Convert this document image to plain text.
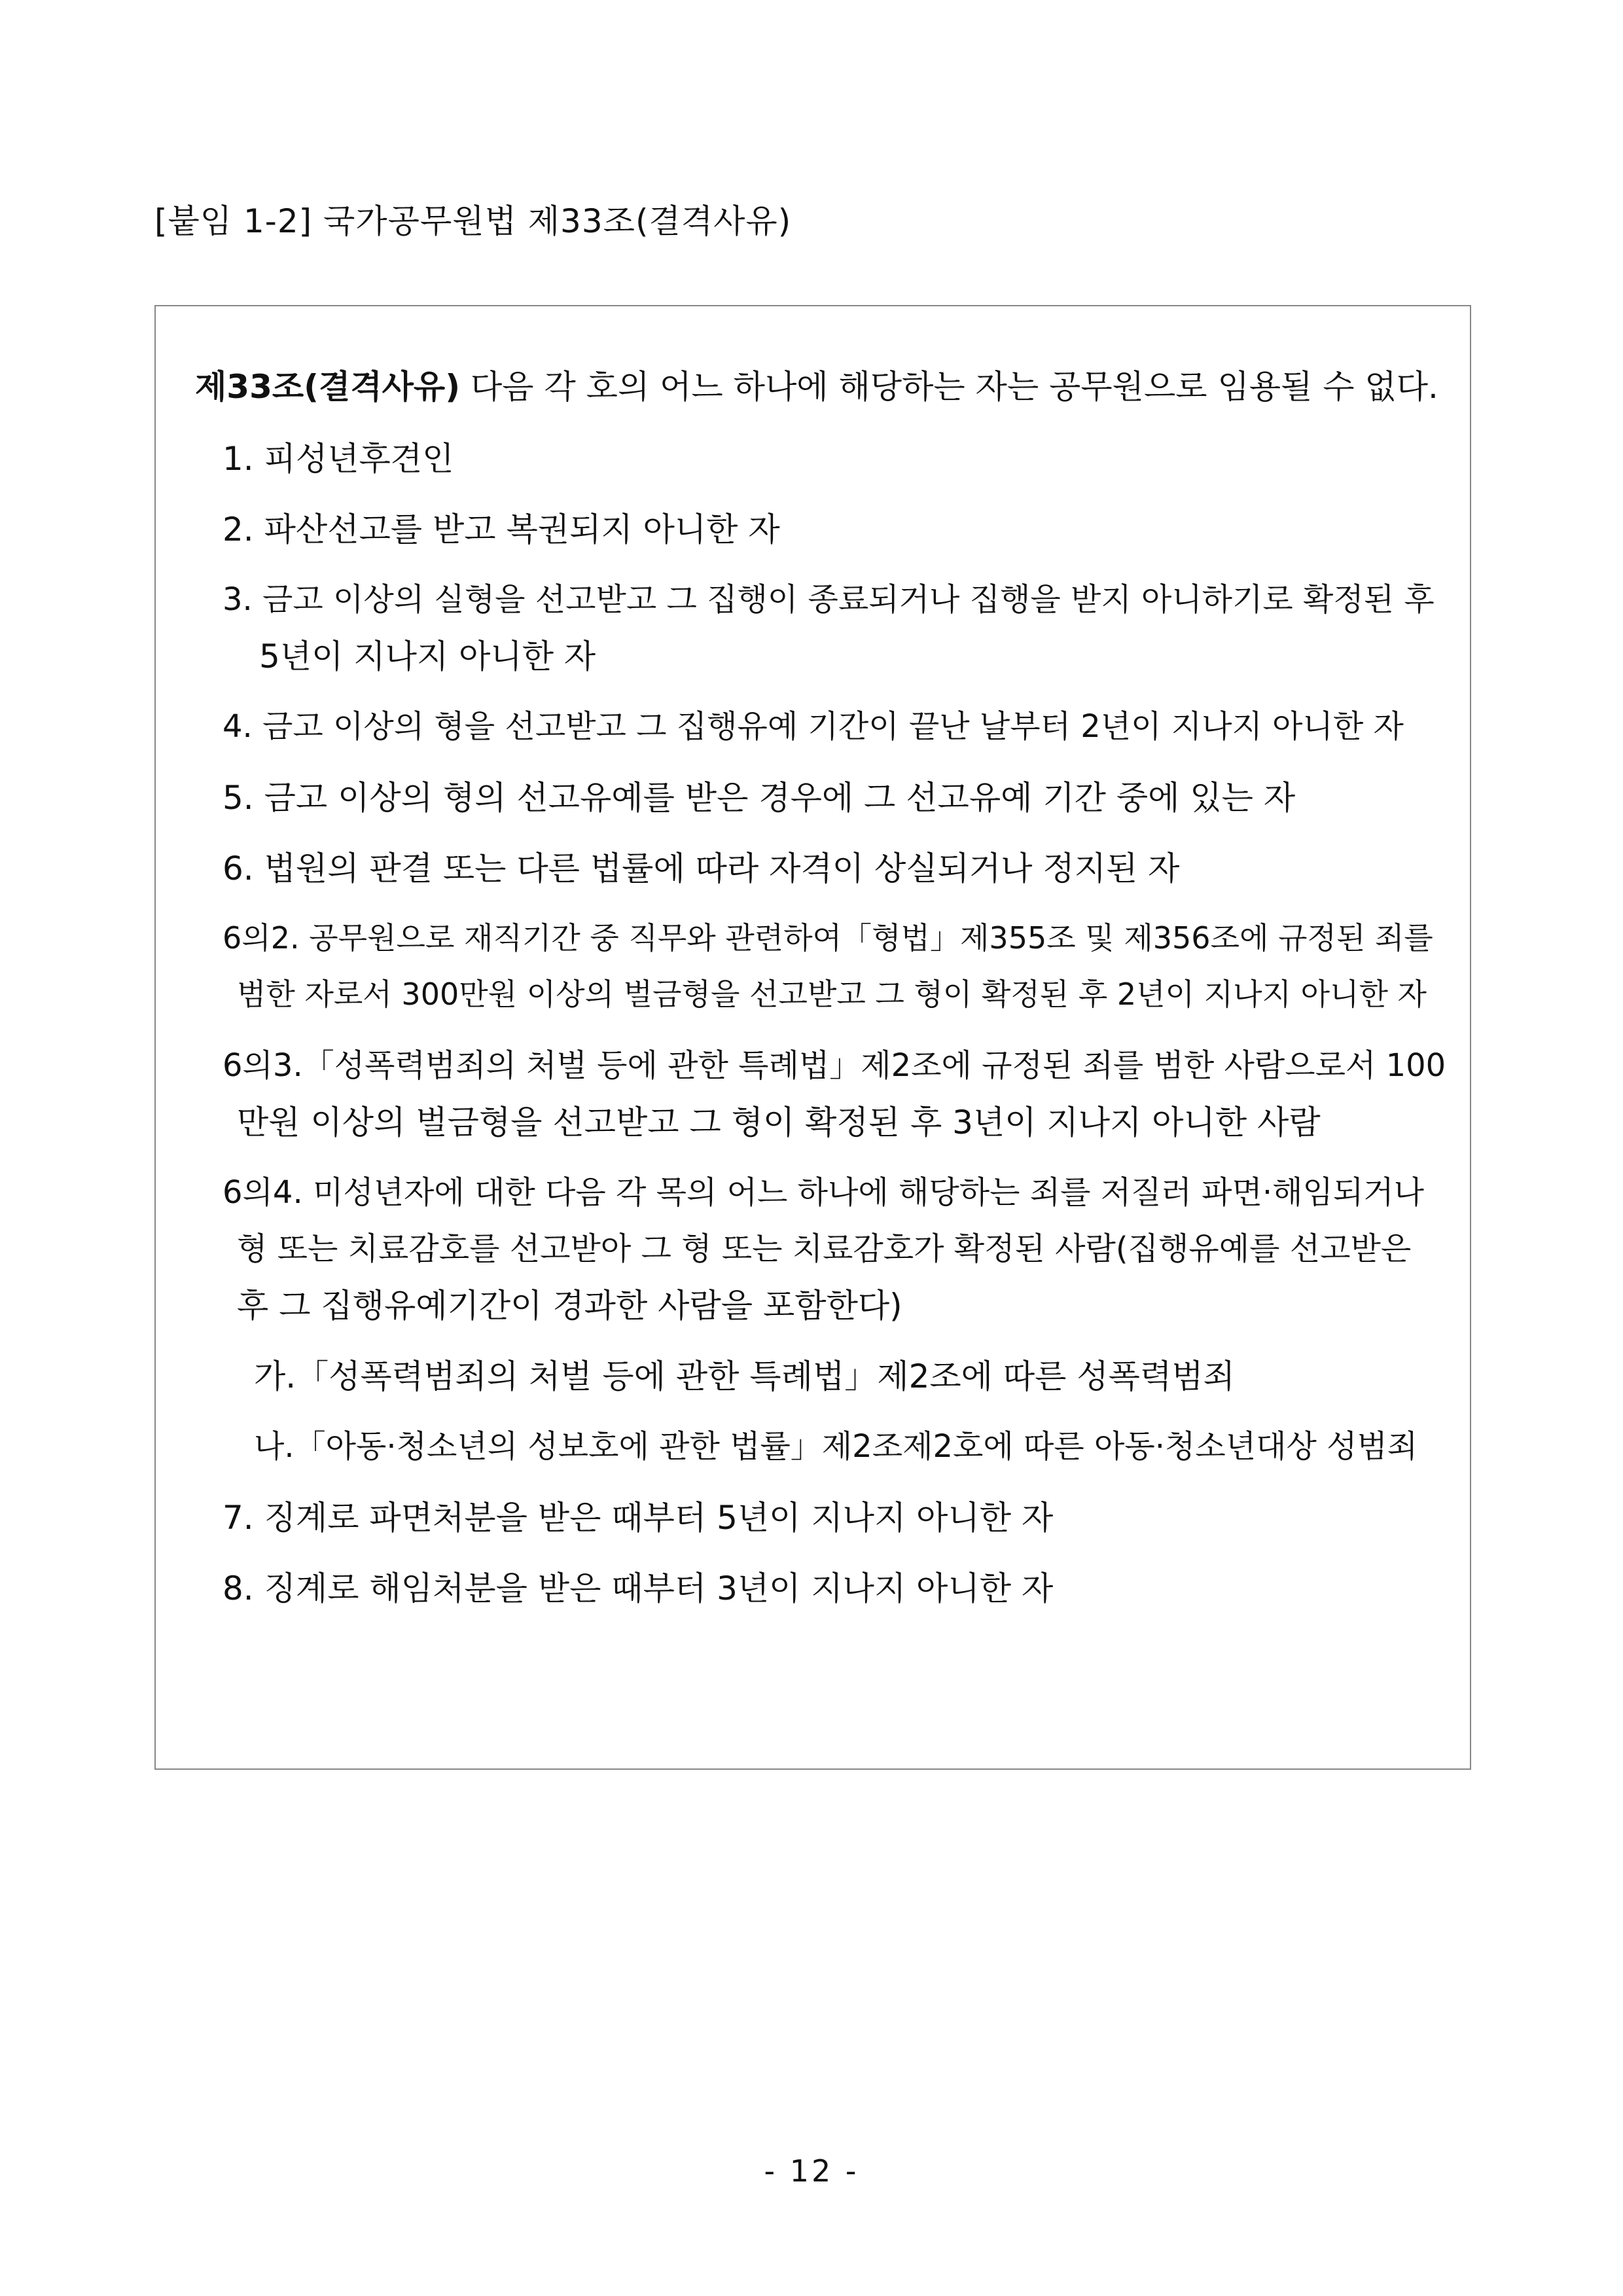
[붙임 1-2] 국가공무원법 제33조(결격사유)
제33조(결격사유) 다음 각 호의 어느 하나에 해당하는 자는 공무원으로 임용될 수 없다.
1. 피성년후견인
2. 파산선고를 받고 복권되지 아니한 자
3. 금고 이상의 실형을 선고받고 그 집행이 종료되거나 집행을 받지 아니하기로 확정된 후
5년이 지나지 아니한 자
4. 금고 이상의 형을 선고받고 그 집행유예 기간이 끝난 날부터 2년이 지나지 아니한 자
5. 금고 이상의 형의 선고유예를 받은 경우에 그 선고유예 기간 중에 있는 자
6. 법원의 판결 또는 다른 법률에 따라 자격이 상실되거나 정지된 자
6의2. 공무원으로 재직기간 중 직무와 관련하여「형법」제355조 및 제356조에 규정된 죄를
범한 자로서 300만원 이상의 벌금형을 선고받고 그 형이 확정된 후 2년이 지나지 아니한 자
6의3.「성폭력범죄의 처벌 등에 관한 특례법」제2조에 규정된 죄를 범한 사람으로서 100
만원 이상의 벌금형을 선고받고 그 형이 확정된 후 3년이 지나지 아니한 사람
6의4. 미성년자에 대한 다음 각 목의 어느 하나에 해당하는 죄를 저질러 파면·해임되거나
형 또는 치료감호를 선고받아 그 형 또는 치료감호가 확정된 사람(집행유예를 선고받은
후 그 집행유예기간이 경과한 사람을 포함한다)
가.「성폭력범죄의 처벌 등에 관한 특례법」제2조에 따른 성폭력범죄
나.「아동·청소년의 성보호에 관한 법률」제2조제2호에 따른 아동·청소년대상 성범죄
7. 징계로 파면처분을 받은 때부터 5년이 지나지 아니한 자
8. 징계로 해임처분을 받은 때부터 3년이 지나지 아니한 자
- 12 -
